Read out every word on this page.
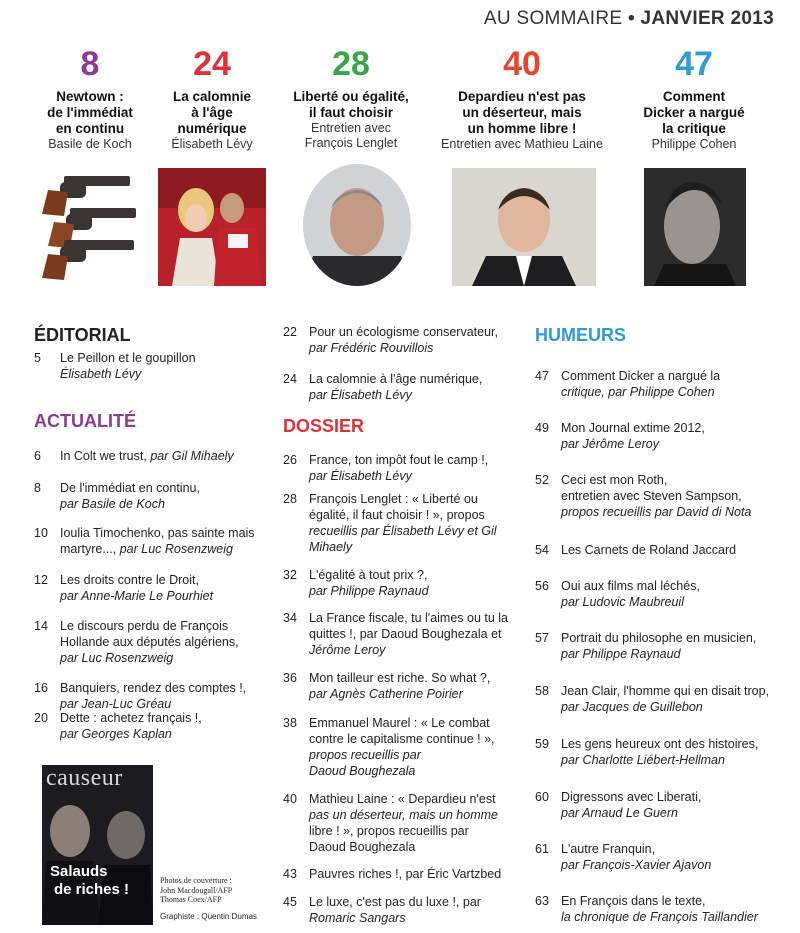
AU SOMMAIRE • JANVIER 2013
8
Newtown :
de l'immédiat
en continu
Basile de Koch
24
La calomnie
à l'âge
numérique
Élisabeth Lévy
28
Liberté ou égalité,
il faut choisir
Entretien avec
François Lenglet
40
Depardieu n'est pas
un déserteur, mais
un homme libre !
Entretien avec Mathieu Laine
47
Comment
Dicker a nargué
la critique
Philippe Cohen
ÉDITORIAL
5 Le Peillon et le goupillon
Élisabeth Lévy
ACTUALITÉ
6 In Colt we trust, par Gil Mihaely
8 De l'immédiat en continu,
par Basile de Koch
10 Ioulia Timochenko, pas sainte mais
martyre..., par Luc Rosenzweig
12 Les droits contre le Droit,
par Anne-Marie Le Pourhiet
14 Le discours perdu de François
Hollande aux députés algériens,
par Luc Rosenzweig
16 Banquiers, rendez des comptes !,
par Jean-Luc Gréau
20 Dette : achetez français !,
par Georges Kaplan
causeur
Salauds
de riches !
Photos de couverture :
John Macdougall/AFP
Thomas Coex/AFP
Graphiste : Quentin Dumas
22 Pour un écologisme conservateur,
par Frédéric Rouvillois
24 La calomnie à l'âge numérique,
par Élisabeth Lévy
DOSSIER
26 France, ton impôt fout le camp !,
par Élisabeth Lévy
28 François Lenglet : « Liberté ou
égalité, il faut choisir ! », propos
recueillis par Élisabeth Lévy et Gil
Mihaely
32 L'égalité à tout prix ?,
par Philippe Raynaud
34 La France fiscale, tu l'aimes ou tu la
quittes !, par Daoud Boughezala et
Jérôme Leroy
36 Mon tailleur est riche. So what ?,
par Agnès Catherine Poirier
38 Emmanuel Maurel : « Le combat
contre le capitalisme continue ! »,
propos recueillis par
Daoud Boughezala
40 Mathieu Laine : « Depardieu n'est
pas un déserteur, mais un homme
libre ! », propos recueillis par
Daoud Boughezala
43 Pauvres riches !, par Éric Vartzbed
45 Le luxe, c'est pas du luxe !, par
Romaric Sangars
HUMEURS
47 Comment Dicker a nargué la
critique, par Philippe Cohen
49 Mon Journal extime 2012,
par Jérôme Leroy
52 Ceci est mon Roth,
entretien avec Steven Sampson,
propos recueillis par David di Nota
54 Les Carnets de Roland Jaccard
56 Oui aux films mal léchés,
par Ludovic Maubreuil
57 Portrait du philosophe en musicien,
par Philippe Raynaud
58 Jean Clair, l'homme qui en disait trop,
par Jacques de Guillebon
59 Les gens heureux ont des histoires,
par Charlotte Liébert-Hellman
60 Digressons avec Liberati,
par Arnaud Le Guern
61 L'autre Franquin,
par François-Xavier Ajavon
63 En François dans le texte,
la chronique de François Taillandier
